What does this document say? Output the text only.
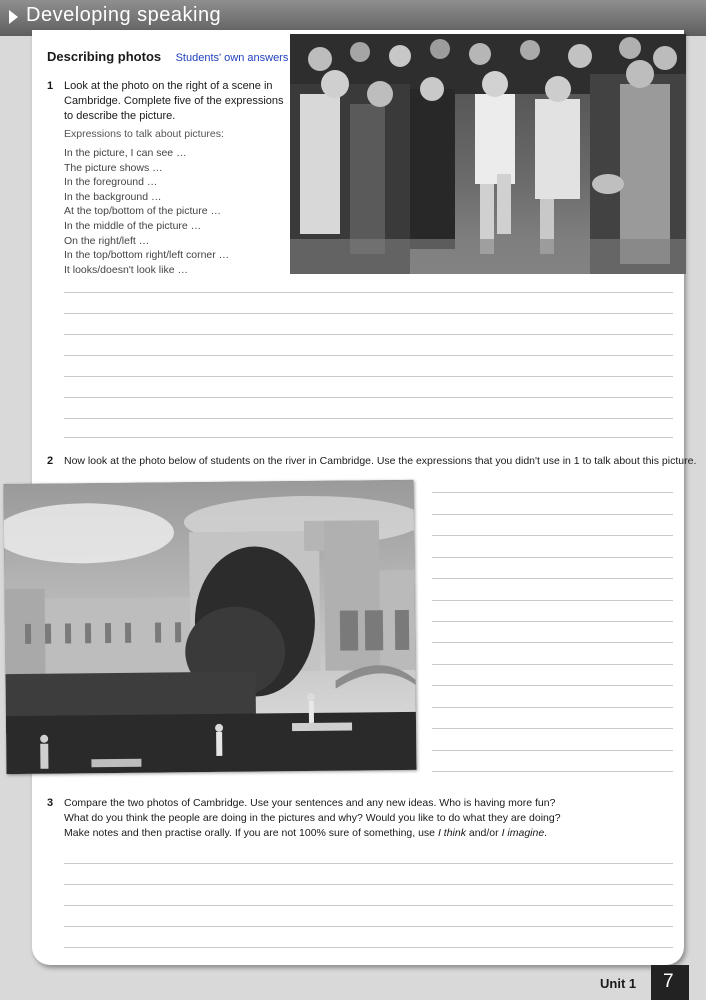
Developing speaking
Describing photos Students' own answers
1 Look at the photo on the right of a scene in
Cambridge. Complete five of the expressions
to describe the picture.
Expressions to talk about pictures:
In the picture, I can see …
The picture shows …
In the foreground …
In the background …
At the top/bottom of the picture …
In the middle of the picture …
On the right/left …
In the top/bottom right/left corner …
It looks/doesn't look like …
2 Now look at the photo below of students on the river in Cambridge. Use the expressions that you didn't use in 1 to talk about this picture.
3 Compare the two photos of Cambridge. Use your sentences and any new ideas. Who is having more fun?
What do you think the people are doing in the pictures and why? Would you like to do what they are doing?
Make notes and then practise orally. If you are not 100% sure of something, use I think and/or I imagine.
Unit 1 7
